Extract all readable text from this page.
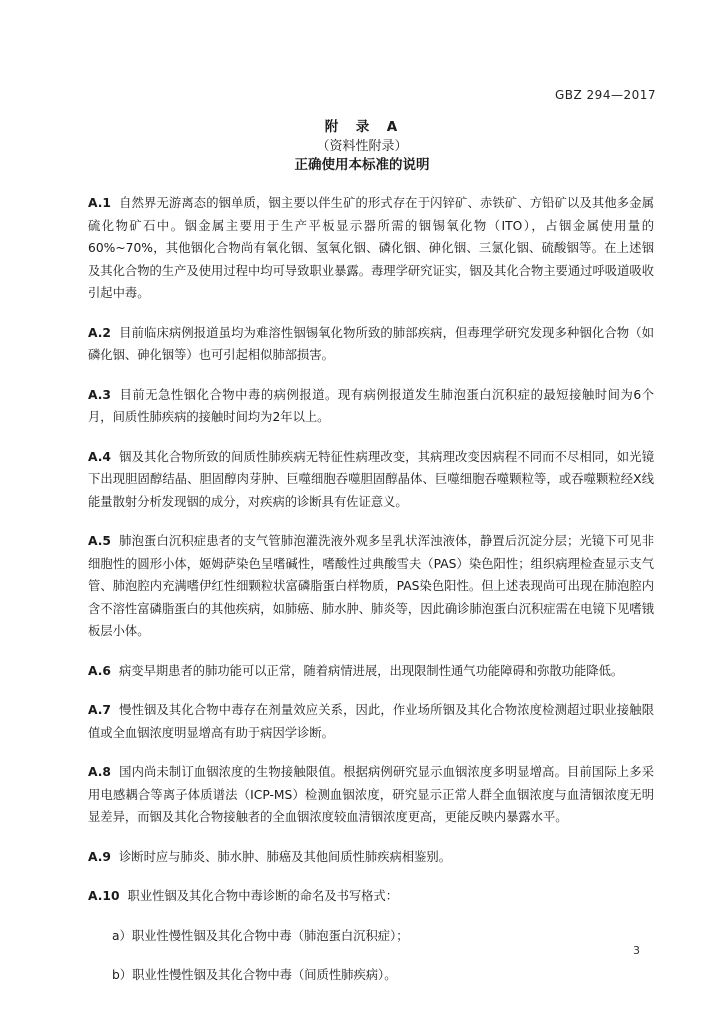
GBZ 294—2017
附　录　A
（资料性附录）
正确使用本标准的说明

A.1 自然界无游离态的铟单质，铟主要以伴生矿的形式存在于闪锌矿、赤铁矿、方铅矿以及其他多金属硫化物矿石中。铟金属主要用于生产平板显示器所需的铟锡氧化物（ITO），占铟金属使用量的60%~70%，其他铟化合物尚有氧化铟、氢氧化铟、磷化铟、砷化铟、三氯化铟、硫酸铟等。在上述铟及其化合物的生产及使用过程中均可导致职业暴露。毒理学研究证实，铟及其化合物主要通过呼吸道吸收引起中毒。

A.2 目前临床病例报道虽均为难溶性铟锡氧化物所致的肺部疾病，但毒理学研究发现多种铟化合物（如磷化铟、砷化铟等）也可引起相似肺部损害。

A.3 目前无急性铟化合物中毒的病例报道。现有病例报道发生肺泡蛋白沉积症的最短接触时间为6个月，间质性肺疾病的接触时间均为2年以上。

A.4 铟及其化合物所致的间质性肺疾病无特征性病理改变，其病理改变因病程不同而不尽相同，如光镜下出现胆固醇结晶、胆固醇肉芽肿、巨噬细胞吞噬胆固醇晶体、巨噬细胞吞噬颗粒等，或吞噬颗粒经X线能量散射分析发现铟的成分，对疾病的诊断具有佐证意义。

A.5 肺泡蛋白沉积症患者的支气管肺泡灌洗液外观多呈乳状浑浊液体，静置后沉淀分层；光镜下可见非细胞性的圆形小体，姬姆萨染色呈嗜碱性，嗜酸性过典酸雪夫（PAS）染色阳性；组织病理检查显示支气管、肺泡腔内充满嗜伊红性细颗粒状富磷脂蛋白样物质，PAS染色阳性。但上述表现尚可出现在肺泡腔内含不溶性富磷脂蛋白的其他疾病，如肺癌、肺水肿、肺炎等，因此确诊肺泡蛋白沉积症需在电镜下见嗜锇板层小体。

A.6 病变早期患者的肺功能可以正常，随着病情进展，出现限制性通气功能障碍和弥散功能降低。

A.7 慢性铟及其化合物中毒存在剂量效应关系，因此，作业场所铟及其化合物浓度检测超过职业接触限值或全血铟浓度明显增高有助于病因学诊断。

A.8 国内尚未制订血铟浓度的生物接触限值。根据病例研究显示血铟浓度多明显增高。目前国际上多采用电感耦合等离子体质谱法（ICP-MS）检测血铟浓度，研究显示正常人群全血铟浓度与血清铟浓度无明显差异，而铟及其化合物接触者的全血铟浓度较血清铟浓度更高，更能反映内暴露水平。

A.9 诊断时应与肺炎、肺水肿、肺癌及其他间质性肺疾病相鉴别。

A.10 职业性铟及其化合物中毒诊断的命名及书写格式：

a）职业性慢性铟及其化合物中毒（肺泡蛋白沉积症）；

b）职业性慢性铟及其化合物中毒（间质性肺疾病）。

3
